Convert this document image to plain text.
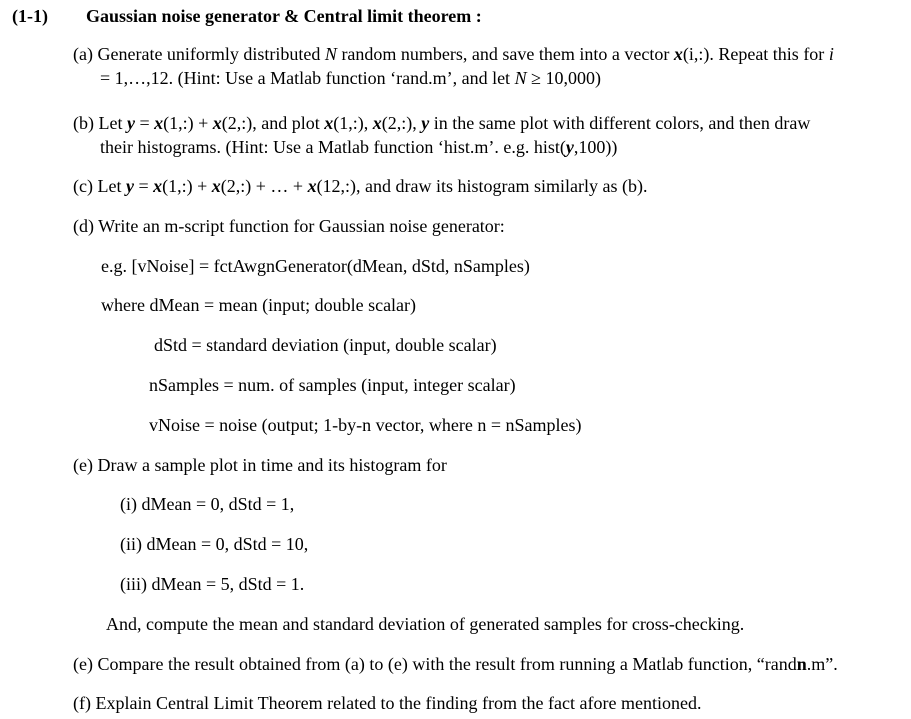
(1-1) Gaussian noise generator & Central limit theorem :
(a) Generate uniformly distributed N random numbers, and save them into a vector x(i,:). Repeat this for i
= 1,…,12. (Hint: Use a Matlab function ‘rand.m’, and let N ≥ 10,000)
(b) Let y = x(1,:) + x(2,:), and plot x(1,:), x(2,:), y in the same plot with different colors, and then draw
their histograms. (Hint: Use a Matlab function ‘hist.m’. e.g. hist(y,100))
(c) Let y = x(1,:) + x(2,:) + … + x(12,:), and draw its histogram similarly as (b).
(d) Write an m-script function for Gaussian noise generator:
e.g. [vNoise] = fctAwgnGenerator(dMean, dStd, nSamples)
where dMean = mean (input; double scalar)
dStd = standard deviation (input, double scalar)
nSamples = num. of samples (input, integer scalar)
vNoise = noise (output; 1-by-n vector, where n = nSamples)
(e) Draw a sample plot in time and its histogram for
(i) dMean = 0, dStd = 1,
(ii) dMean = 0, dStd = 10,
(iii) dMean = 5, dStd = 1.
And, compute the mean and standard deviation of generated samples for cross-checking.
(e) Compare the result obtained from (a) to (e) with the result from running a Matlab function, “randn.m”.
(f) Explain Central Limit Theorem related to the finding from the fact afore mentioned.
